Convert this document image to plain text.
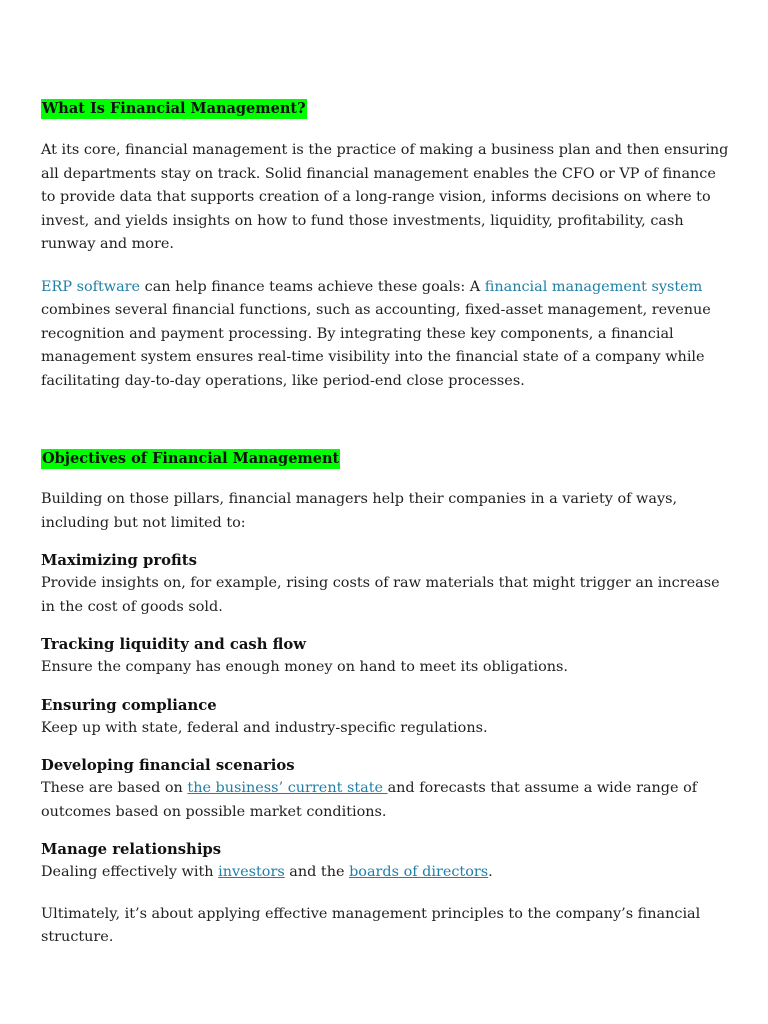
What Is Financial Management?

At its core, financial management is the practice of making a business plan and then ensuring all departments stay on track. Solid financial management enables the CFO or VP of finance to provide data that supports creation of a long-range vision, informs decisions on where to invest, and yields insights on how to fund those investments, liquidity, profitability, cash runway and more.

ERP software can help finance teams achieve these goals: A financial management system combines several financial functions, such as accounting, fixed-asset management, revenue recognition and payment processing. By integrating these key components, a financial management system ensures real-time visibility into the financial state of a company while facilitating day-to-day operations, like period-end close processes.

Objectives of Financial Management

Building on those pillars, financial managers help their companies in a variety of ways, including but not limited to:

Maximizing profits

Provide insights on, for example, rising costs of raw materials that might trigger an increase in the cost of goods sold.

Tracking liquidity and cash flow

Ensure the company has enough money on hand to meet its obligations.

Ensuring compliance

Keep up with state, federal and industry-specific regulations.

Developing financial scenarios

These are based on the business’ current state and forecasts that assume a wide range of outcomes based on possible market conditions.

Manage relationships

Dealing effectively with investors and the boards of directors.

Ultimately, it’s about applying effective management principles to the company’s financial structure.
